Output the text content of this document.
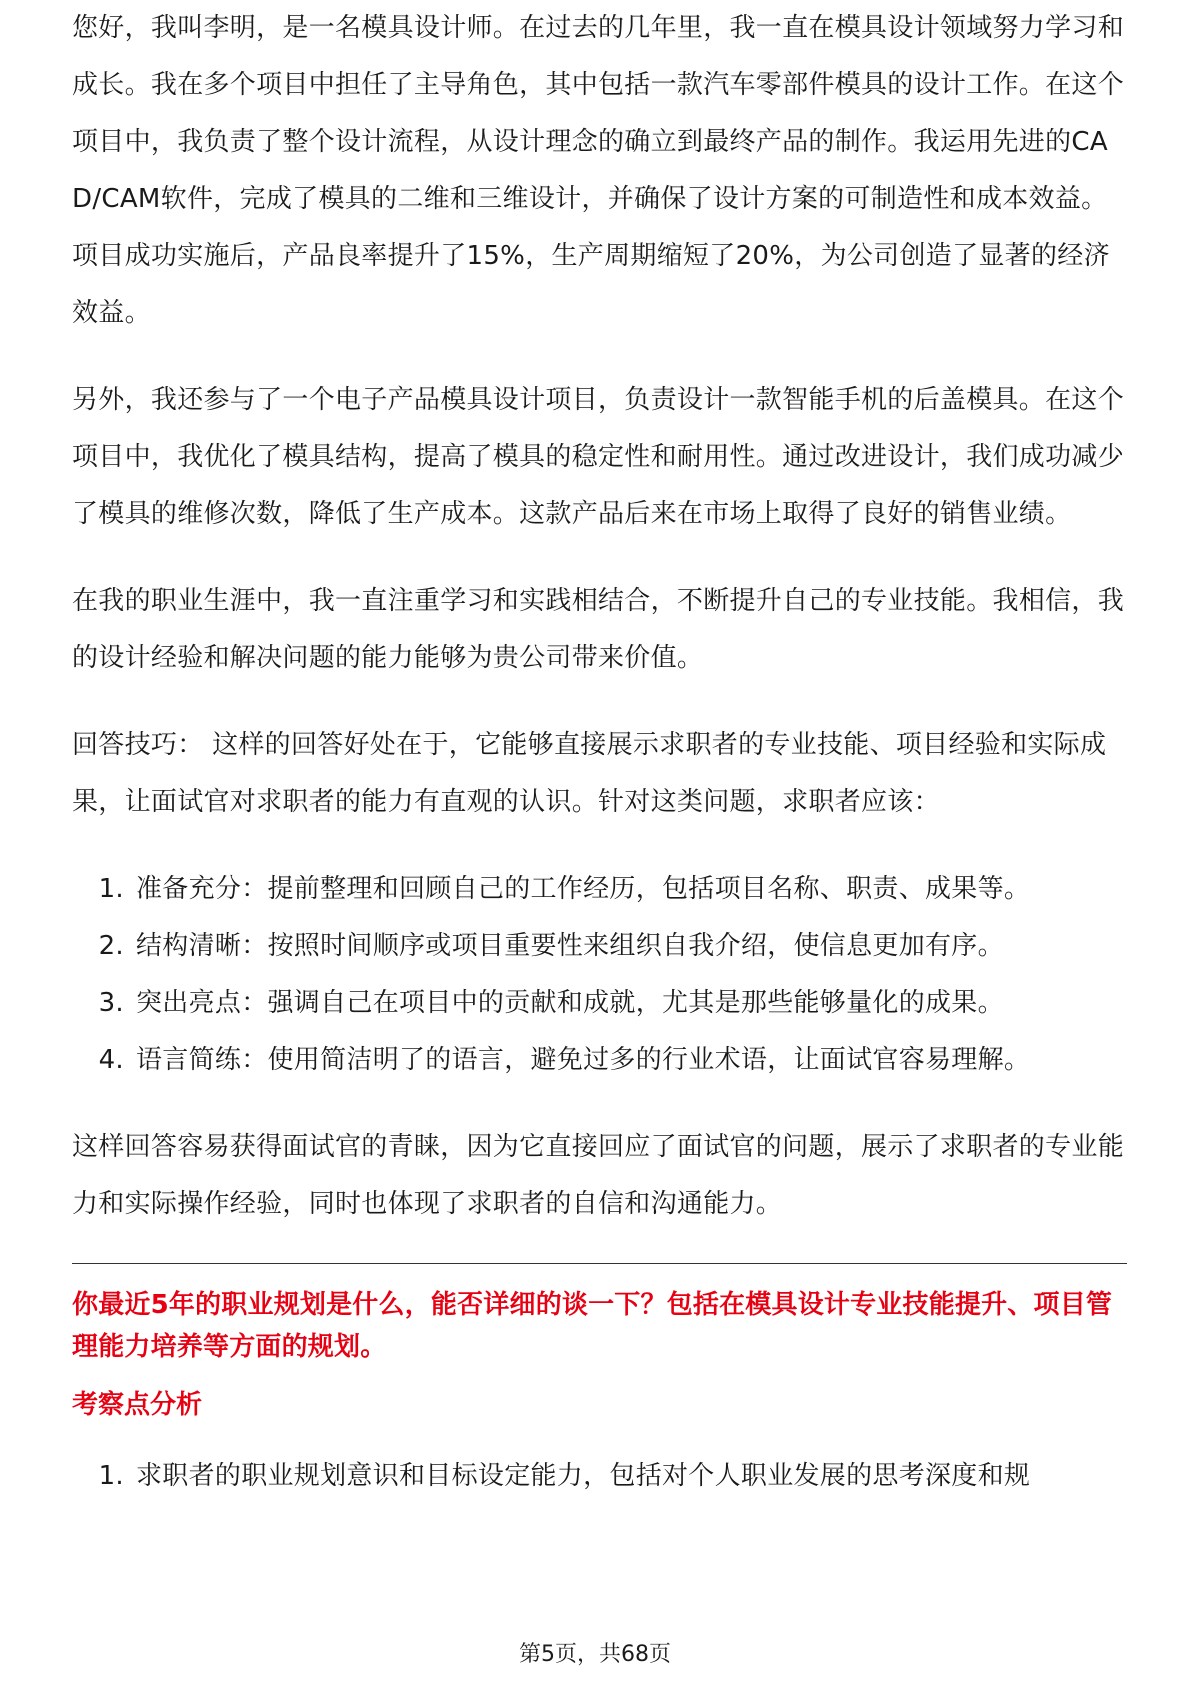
您好，我叫李明，是一名模具设计师。在过去的几年里，我一直在模具设计领域努力学习和成长。我在多个项目中担任了主导角色，其中包括一款汽车零部件模具的设计工作。在这个项目中，我负责了整个设计流程，从设计理念的确立到最终产品的制作。我运用先进的CAD/CAM软件，完成了模具的二维和三维设计，并确保了设计方案的可制造性和成本效益。项目成功实施后，产品良率提升了15%，生产周期缩短了20%，为公司创造了显著的经济效益。

另外，我还参与了一个电子产品模具设计项目，负责设计一款智能手机的后盖模具。在这个项目中，我优化了模具结构，提高了模具的稳定性和耐用性。通过改进设计，我们成功减少了模具的维修次数，降低了生产成本。这款产品后来在市场上取得了良好的销售业绩。

在我的职业生涯中，我一直注重学习和实践相结合，不断提升自己的专业技能。我相信，我的设计经验和解决问题的能力能够为贵公司带来价值。

回答技巧： 这样的回答好处在于，它能够直接展示求职者的专业技能、项目经验和实际成果，让面试官对求职者的能力有直观的认识。针对这类问题，求职者应该：

1. 准备充分：提前整理和回顾自己的工作经历，包括项目名称、职责、成果等。
2. 结构清晰：按照时间顺序或项目重要性来组织自我介绍，使信息更加有序。
3. 突出亮点：强调自己在项目中的贡献和成就，尤其是那些能够量化的成果。
4. 语言简练：使用简洁明了的语言，避免过多的行业术语，让面试官容易理解。

这样回答容易获得面试官的青睐，因为它直接回应了面试官的问题，展示了求职者的专业能力和实际操作经验，同时也体现了求职者的自信和沟通能力。

你最近5年的职业规划是什么，能否详细的谈一下？包括在模具设计专业技能提升、项目管理能力培养等方面的规划。

考察点分析

1. 求职者的职业规划意识和目标设定能力，包括对个人职业发展的思考深度和规
第5页，共68页
